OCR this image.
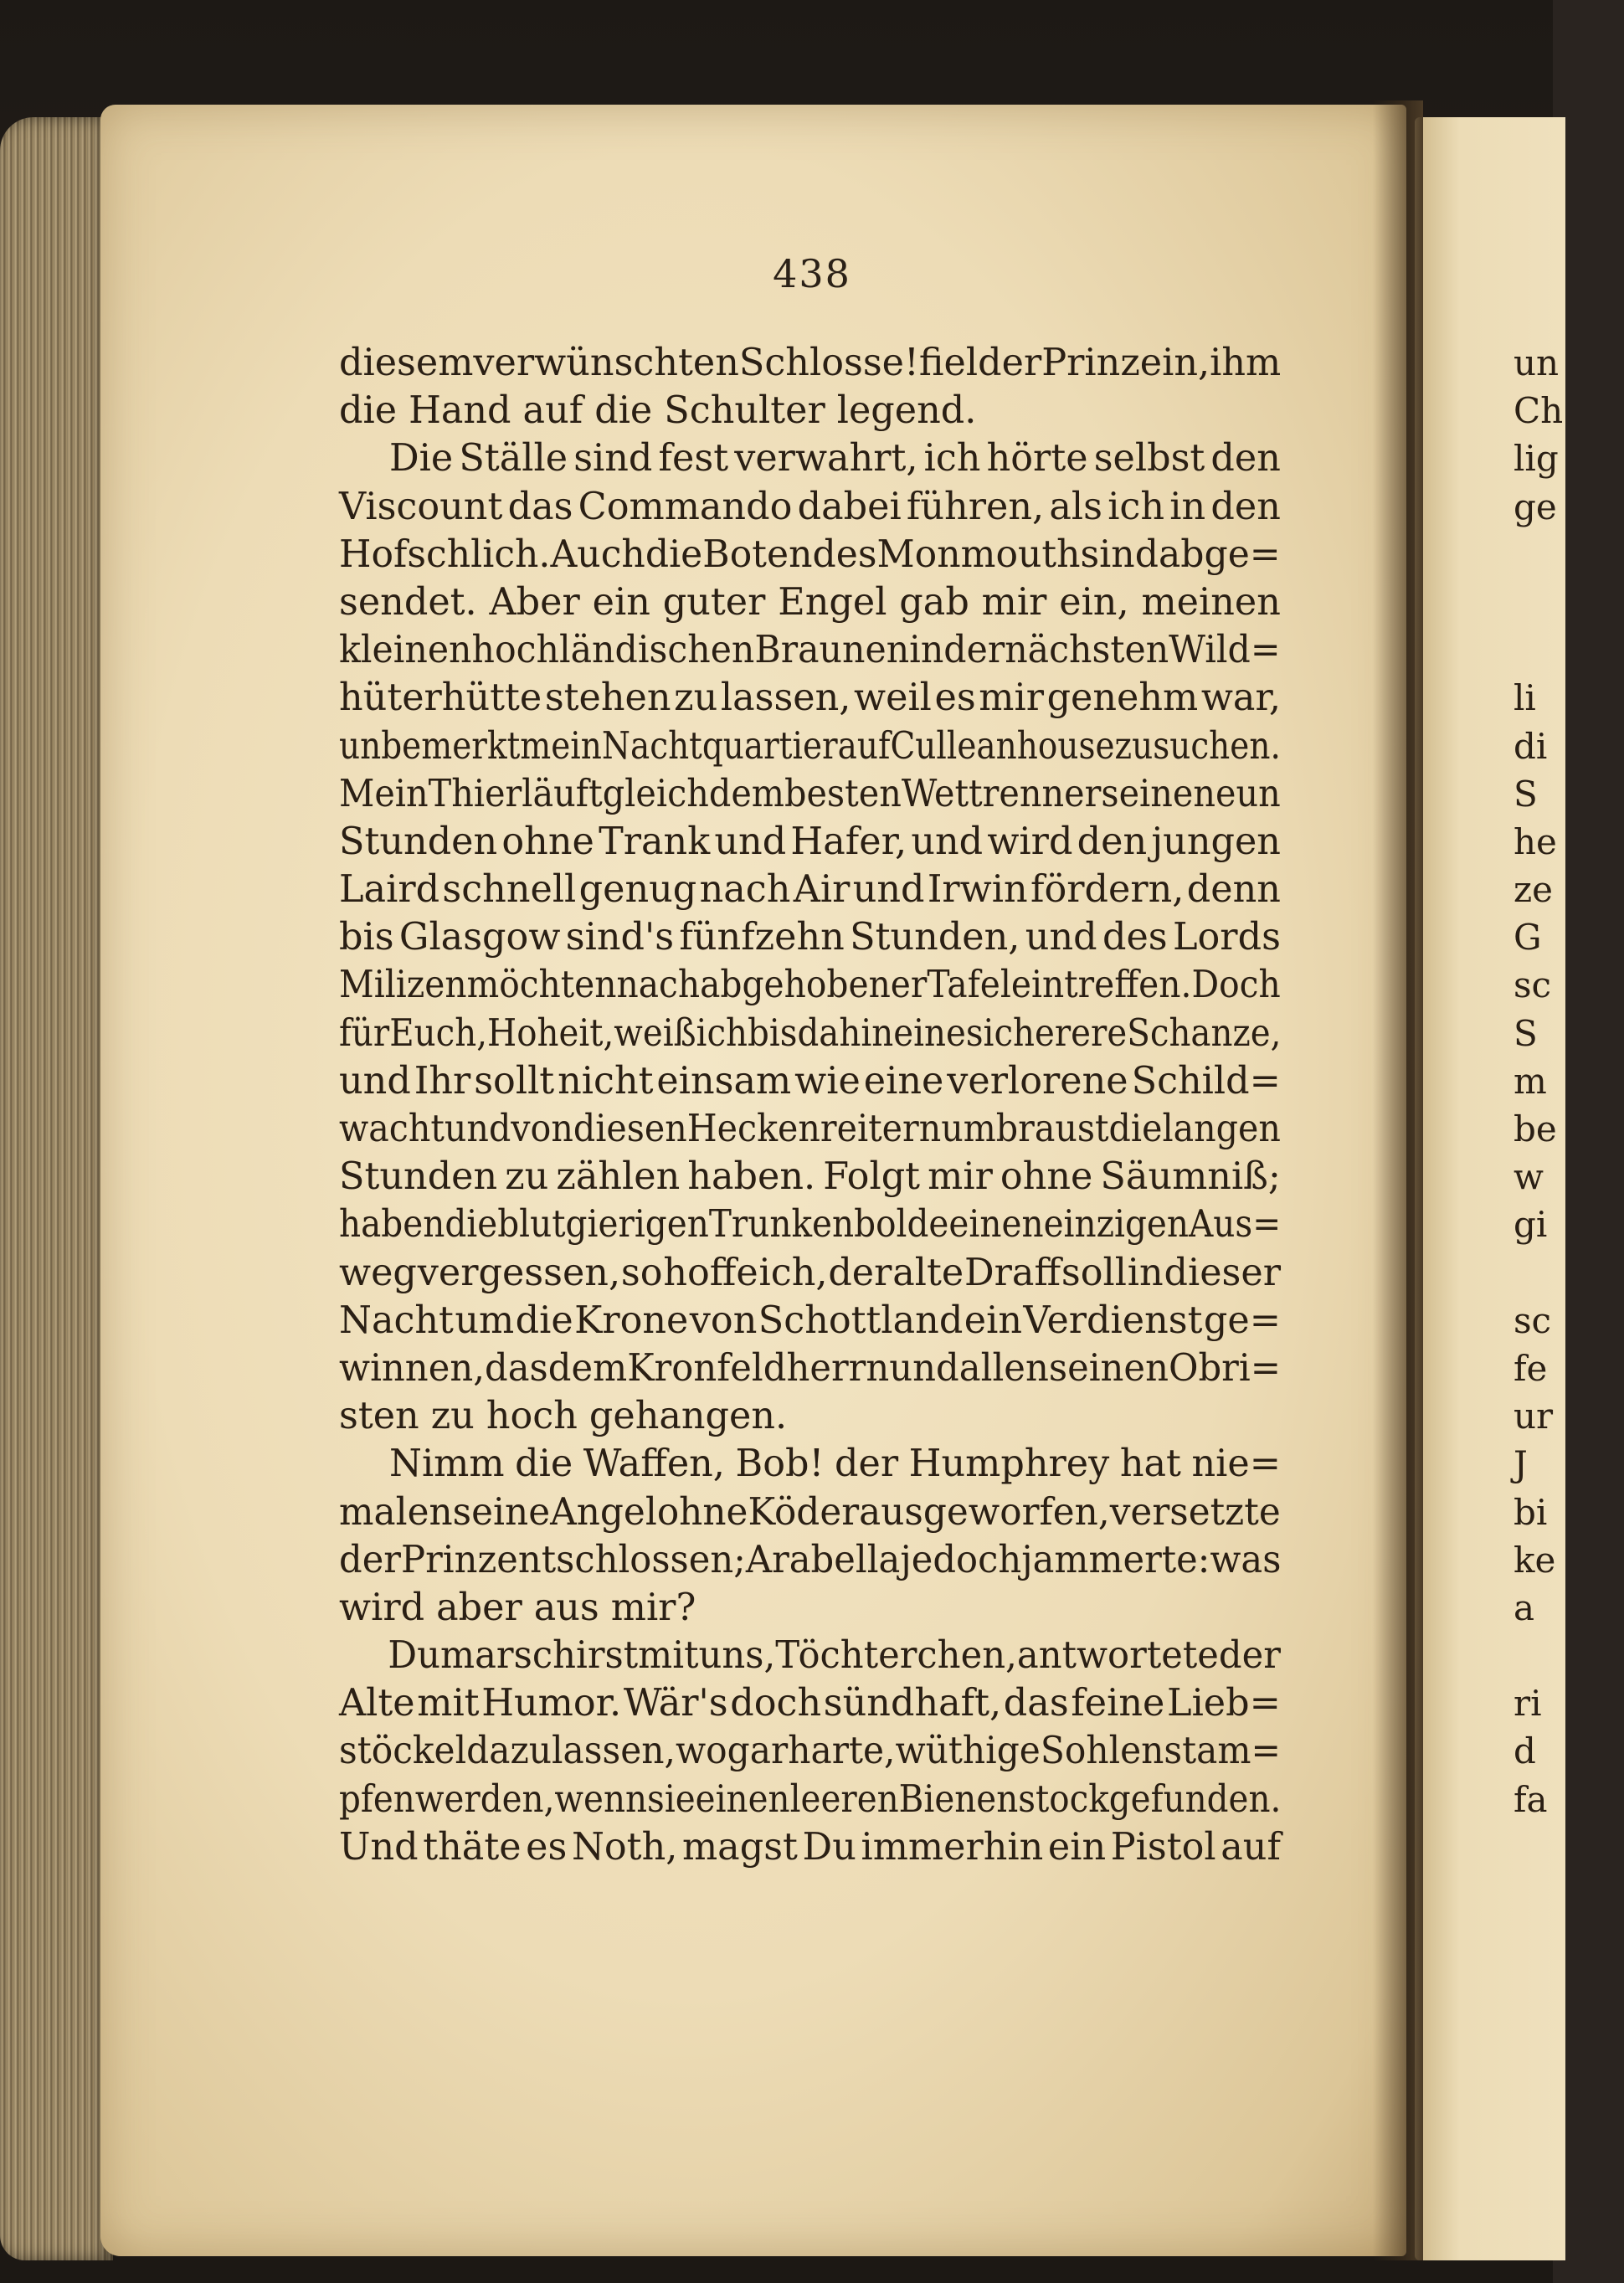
438
diesem verwünschten Schlosse! fiel der Prinz ein, ihm
die Hand auf die Schulter legend.
Die Ställe sind fest verwahrt, ich hörte selbst den
Viscount das Commando dabei führen, als ich in den
Hof schlich. Auch die Boten des Monmouth sind abge=
sendet. Aber ein guter Engel gab mir ein, meinen
kleinen hochländischen Braunen in der nächsten Wild=
hüterhütte stehen zu lassen, weil es mir genehm war,
unbemerkt mein Nachtquartier auf Culleanhouse zu suchen.
Mein Thier läuft gleich dem besten Wettrenner seine neun
Stunden ohne Trank und Hafer, und wird den jungen
Laird schnell genug nach Air und Irwin fördern, denn
bis Glasgow sind's fünfzehn Stunden, und des Lords
Milizen möchten nach abgehobener Tafel eintreffen. Doch
für Euch, Hoheit, weiß ich bis dahin eine sicherere Schanze,
und Ihr sollt nicht einsam wie eine verlorene Schild=
wacht und von diesen Heckenreitern umbraust die langen
Stunden zu zählen haben. Folgt mir ohne Säumniß;
haben die blutgierigen Trunkenbolde einen einzigen Aus=
weg vergessen, so hoffe ich, der alte Draff soll in dieser
Nacht um die Krone von Schottland ein Verdienst ge=
winnen, das dem Kronfeldherrn und allen seinen Obri=
sten zu hoch gehangen.
Nimm die Waffen, Bob! der Humphrey hat nie=
malen seine Angel ohne Köder ausgeworfen, versetzte
der Prinz entschlossen; Arabella jedoch jammerte: was
wird aber aus mir?
Du marschirst mit uns, Töchterchen, antwortete der
Alte mit Humor. Wär's doch sündhaft, das feine Lieb=
stöckel da zu lassen, wo gar harte, wüthige Sohlen stam=
pfen werden, wenn sie einen leeren Bienenstock gefunden.
Und thäte es Noth, magst Du immerhin ein Pistol auf
un
Ch
lig
ge
li
di
S
he
ze
G
sc
S
m
be
w
gi
sc
fe
ur
J
bi
ke
a
ri
d
fa
